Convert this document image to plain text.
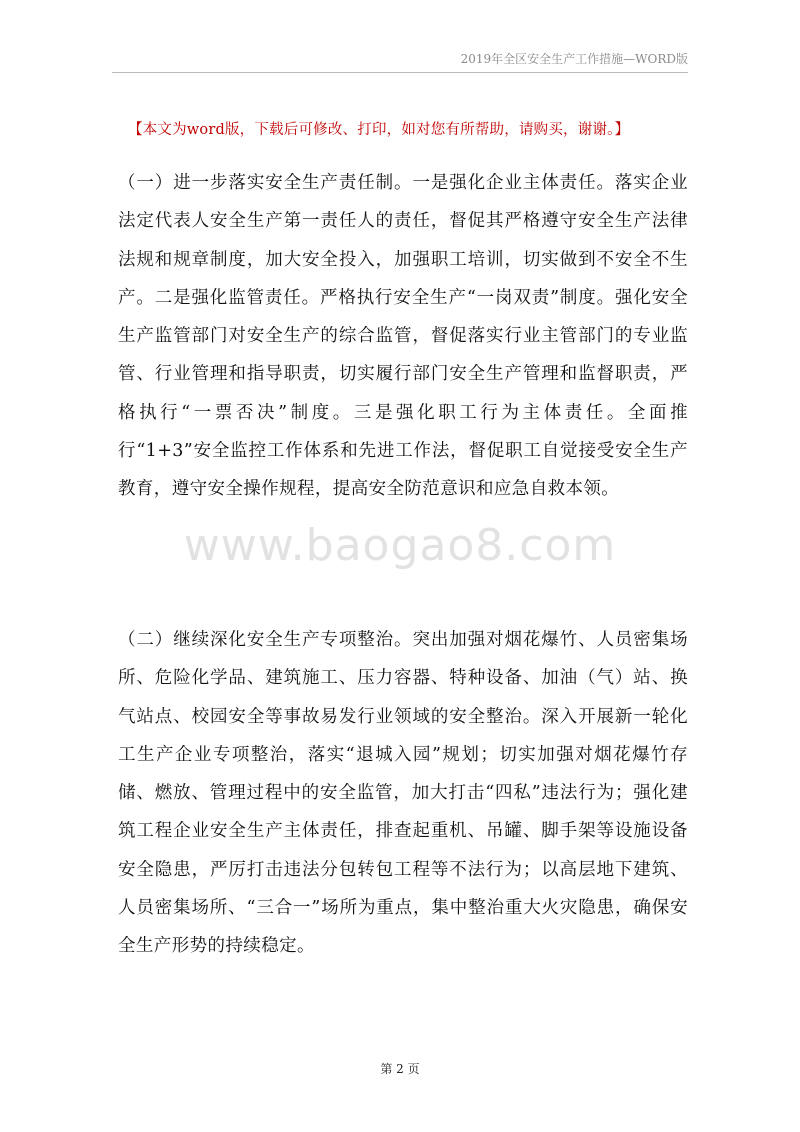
2019年全区安全生产工作措施—WORD版
【本文为word版，下载后可修改、打印，如对您有所帮助，请购买，谢谢。】

（一）进一步落实安全生产责任制。一是强化企业主体责任。落实企业法定代表人安全生产第一责任人的责任，督促其严格遵守安全生产法律法规和规章制度，加大安全投入，加强职工培训，切实做到不安全不生产。二是强化监管责任。严格执行安全生产“一岗双责”制度。强化安全生产监管部门对安全生产的综合监管，督促落实行业主管部门的专业监管、行业管理和指导职责，切实履行部门安全生产管理和监督职责，严格执行“一票否决”制度。三是强化职工行为主体责任。全面推行“1+3”安全监控工作体系和先进工作法，督促职工自觉接受安全生产教育，遵守安全操作规程，提高安全防范意识和应急自救本领。

www.baogao8.com

（二）继续深化安全生产专项整治。突出加强对烟花爆竹、人员密集场所、危险化学品、建筑施工、压力容器、特种设备、加油（气）站、换气站点、校园安全等事故易发行业领域的安全整治。深入开展新一轮化工生产企业专项整治，落实“退城入园”规划；切实加强对烟花爆竹存储、燃放、管理过程中的安全监管，加大打击“四私”违法行为；强化建筑工程企业安全生产主体责任，排查起重机、吊罐、脚手架等设施设备安全隐患，严厉打击违法分包转包工程等不法行为；以高层地下建筑、人员密集场所、“三合一”场所为重点，集中整治重大火灾隐患，确保安全生产形势的持续稳定。

第 2 页
